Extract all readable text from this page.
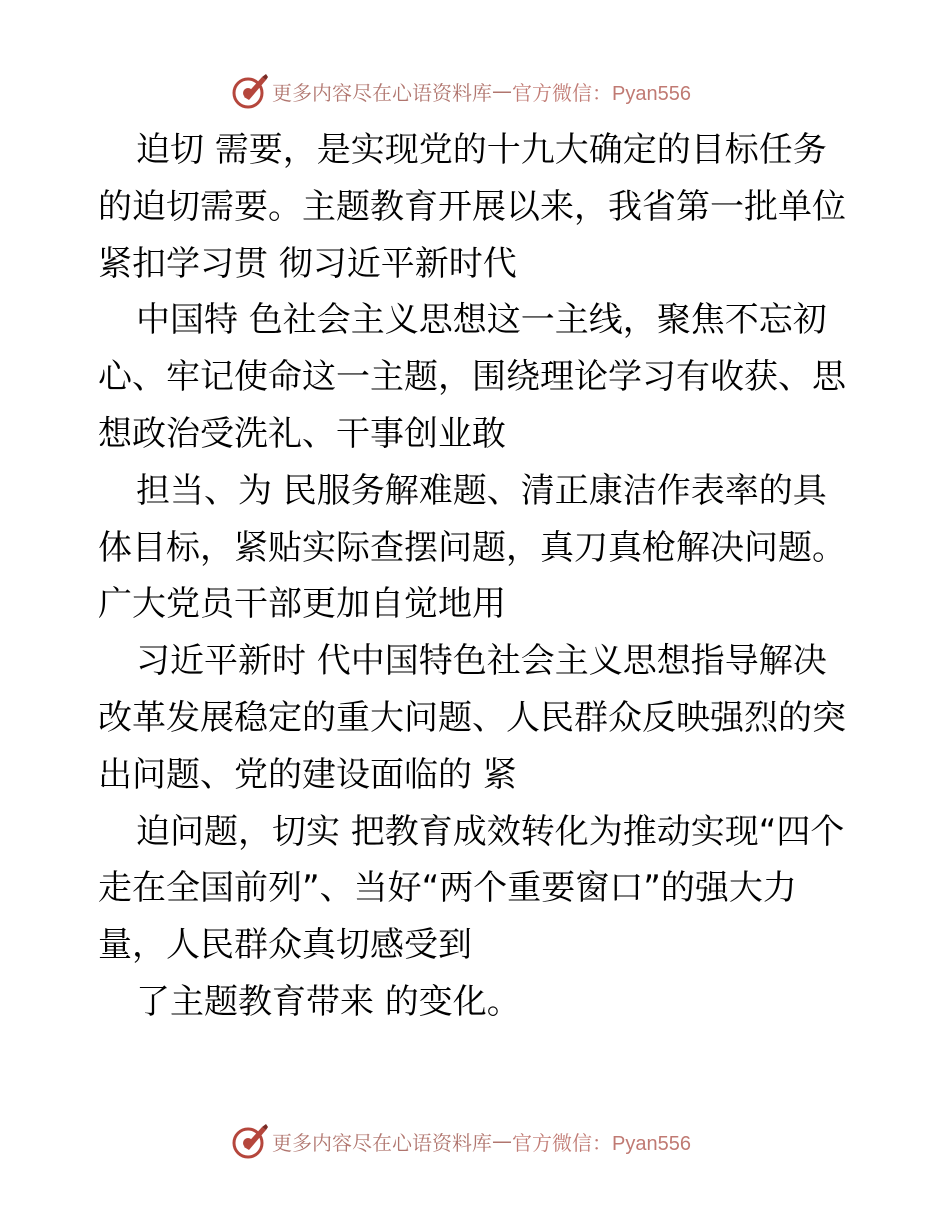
更多内容尽在心语资料库 — 官方微信：Pyan556

迫切 需要，是实现党的十九大确定的目标任务的迫切需要。主题教育开展以来，我省第一批单位紧扣学习贯 彻习近平新时代

中国特 色社会主义思想这一主线，聚焦不忘初心、牢记使命这一主题，围绕理论学习有收获、思想政治受洗礼、干事创业敢

担当、为 民服务解难题、清正康洁作表率的具体目标，紧贴实际查摆问题，真刀真枪解决问题。广大党员干部更加自觉地用

习近平新时 代中国特色社会主义思想指导解决改革发展稳定的重大问题、人民群众反映强烈的突出问题、党的建设面临的 紧

迫问题，切实 把教育成效转化为推动实现“四个走在全国前列”、当好“两个重要窗口”的强大力量，人民群众真切感受到

了主题教育带来 的变化。

更多内容尽在心语资料库 — 官方微信：Pyan556
